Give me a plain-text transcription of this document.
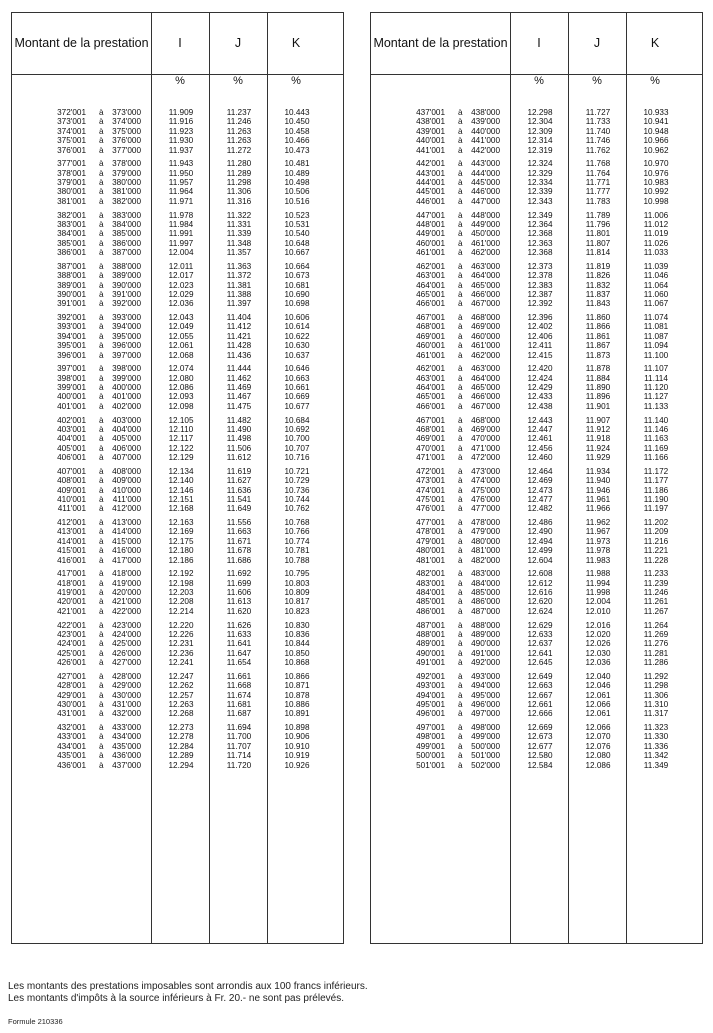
Montant de la prestation	I	J	K
%	%	%
372'001 à	373'000	11.909	11.237	10.443
373'001 à	374'000	11.916	11.246	10.450
374'001 à	375'000	11.923	11.263	10.458
375'001 à	376'000	11.930	11.263	10.466
376'001 à	377'000	11.937	11.272	10.473
377'001 à	378'000	11.943	11.280	10.481
378'001 à	379'000	11.950	11.289	10.489
379'001 à	380'000	11.957	11.298	10.498
380'001 à	381'000	11.964	11.306	10.506
381'001 à	382'000	11.971	11.316	10.516
382'001 à	383'000	11.978	11.322	10.523
383'001 à	384'000	11.984	11.331	10.531
384'001 à	385'000	11.991	11.339	10.540
385'001 à	386'000	11.997	11.348	10.648
386'001 à	387'000	12.004	11.357	10.667
387'001 à	388'000	12.011	11.363	10.664
388'001 à	389'000	12.017	11.372	10.673
389'001 à	390'000	12.023	11.381	10.681
390'001 à	391'000	12.029	11.388	10.690
391'001 à	392'000	12.036	11.397	10.698
392'001 à	393'000	12.043	11.404	10.606
393'001 à	394'000	12.049	11.412	10.614
394'001 à	395'000	12.055	11.421	10.622
395'001 à	396'000	12.061	11.428	10.630
396'001 à	397'000	12.068	11.436	10.637
397'001 à	398'000	12.074	11.444	10.646
398'001 à	399'000	12.080	11.462	10.663
399'001 à	400'000	12.086	11.469	10.661
400'001 à	401'000	12.093	11.467	10.669
401'001 à	402'000	12.098	11.475	10.677
402'001 à	403'000	12.105	11.482	10.684
403'001 à	404'000	12.110	11.490	10.692
404'001 à	405'000	12.117	11.498	10.700
405'001 à	406'000	12.122	11.506	10.707
406'001 à	407'000	12.129	11.612	10.716
407'001 à	408'000	12.134	11.619	10.721
408'001 à	409'000	12.140	11.627	10.729
409'001 à	410'000	12.146	11.636	10.736
410'001 à	411'000	12.151	11.541	10.744
411'001 à	412'000	12.168	11.649	10.762
412'001 à	413'000	12.163	11.556	10.768
413'001 à	414'000	12.169	11.663	10.766
414'001 à	415'000	12.175	11.671	10.774
415'001 à	416'000	12.180	11.678	10.781
416'001 à	417'000	12.186	11.686	10.788
417'001 à	418'000	12.192	11.692	10.795
418'001 à	419'000	12.198	11.699	10.803
419'001 à	420'000	12.203	11.606	10.809
420'001 à	421'000	12.208	11.613	10.817
421'001 à	422'000	12.214	11.620	10.823
422'001 à	423'000	12.220	11.626	10.830
423'001 à	424'000	12.226	11.633	10.836
424'001 à	425'000	12.231	11.641	10.844
425'001 à	426'000	12.236	11.647	10.850
426'001 à	427'000	12.241	11.654	10.868
427'001 à	428'000	12.247	11.661	10.866
428'001 à	429'000	12.262	11.668	10.871
429'001 à	430'000	12.257	11.674	10.878
430'001 à	431'000	12.263	11.681	10.886
431'001 à	432'000	12.268	11.687	10.891
432'001 à	433'000	12.273	11.694	10.898
433'001 à	434'000	12.278	11.700	10.906
434'001 à	435'000	12.284	11.707	10.910
435'001 à	436'000	12.289	11.714	10.919
436'001 à	437'000	12.294	11.720	10.926
Montant de la prestation	I	J	K
%	%	%
437'001 à	438'000	12.298	11.727	10.933
438'001 à	439'000	12.304	11.733	10.941
439'001 à	440'000	12.309	11.740	10.948
440'001 à	441'000	12.314	11.746	10.966
441'001 à	442'000	12.319	11.762	10.962
442'001 à	443'000	12.324	11.768	10.970
443'001 à	444'000	12.329	11.764	10.976
444'001 à	445'000	12.334	11.771	10.983
445'001 à	446'000	12.339	11.777	10.992
446'001 à	447'000	12.343	11.783	10.998
447'001 à	448'000	12.349	11.789	11.006
448'001 à	449'000	12.364	11.796	11.012
449'001 à	450'000	12.368	11.801	11.019
460'001 à	461'000	12.363	11.807	11.026
461'001 à	462'000	12.368	11.814	11.033
462'001 à	463'000	12.373	11.819	11.039
463'001 à	464'000	12.378	11.826	11.046
464'001 à	465'000	12.383	11.832	11.064
465'001 à	466'000	12.387	11.837	11.060
466'001 à	467'000	12.392	11.843	11.067
467'001 à	468'000	12.396	11.860	11.074
468'001 à	469'000	12.402	11.866	11.081
469'001 à	460'000	12.406	11.861	11.087
460'001 à	461'000	12.411	11.867	11.094
461'001 à	462'000	12.415	11.873	11.100
462'001 à	463'000	12.420	11.878	11.107
463'001 à	464'000	12.424	11.884	11.114
464'001 à	465'000	12.429	11.890	11.120
465'001 à	466'000	12.433	11.896	11.127
466'001 à	467'000	12.438	11.901	11.133
467'001 à	468'000	12.443	11.907	11.140
468'001 à	469'000	12.447	11.912	11.146
469'001 à	470'000	12.461	11.918	11.163
470'001 à	471'000	12.456	11.924	11.169
471'001 à	472'000	12.460	11.929	11.166
472'001 à	473'000	12.464	11.934	11.172
473'001 à	474'000	12.469	11.940	11.177
474'001 à	475'000	12.473	11.946	11.186
475'001 à	476'000	12.477	11.961	11.190
476'001 à	477'000	12.482	11.966	11.197
477'001 à	478'000	12.486	11.962	11.202
478'001 à	479'000	12.490	11.967	11.209
479'001 à	480'000	12.494	11.973	11.216
480'001 à	481'000	12.499	11.978	11.221
481'001 à	482'000	12.604	11.983	11.228
482'001 à	483'000	12.608	11.988	11.233
483'001 à	484'000	12.612	11.994	11.239
484'001 à	485'000	12.616	11.998	11.246
485'001 à	486'000	12.620	12.004	11.261
486'001 à	487'000	12.624	12.010	11.267
487'001 à	488'000	12.629	12.016	11.264
488'001 à	489'000	12.633	12.020	11.269
489'001 à	490'000	12.637	12.026	11.276
490'001 à	491'000	12.641	12.030	11.281
491'001 à	492'000	12.645	12.036	11.286
492'001 à	493'000	12.649	12.040	11.292
493'001 à	494'000	12.663	12.046	11.298
494'001 à	495'000	12.667	12.061	11.306
495'001 à	496'000	12.661	12.066	11.310
496'001 à	497'000	12.666	12.061	11.317
497'001 à	498'000	12.669	12.066	11.323
498'001 à	499'000	12.673	12.070	11.330
499'001 à	500'000	12.677	12.076	11.336
500'001 à	501'000	12.580	12.080	11.342
501'001 à	502'000	12.584	12.086	11.349
Les montants des prestations imposables sont arrondis aux 100 francs inférieurs.
Les montants d'impôts à la source inférieurs à Fr. 20.- ne sont pas prélevés.
Formule 210336
